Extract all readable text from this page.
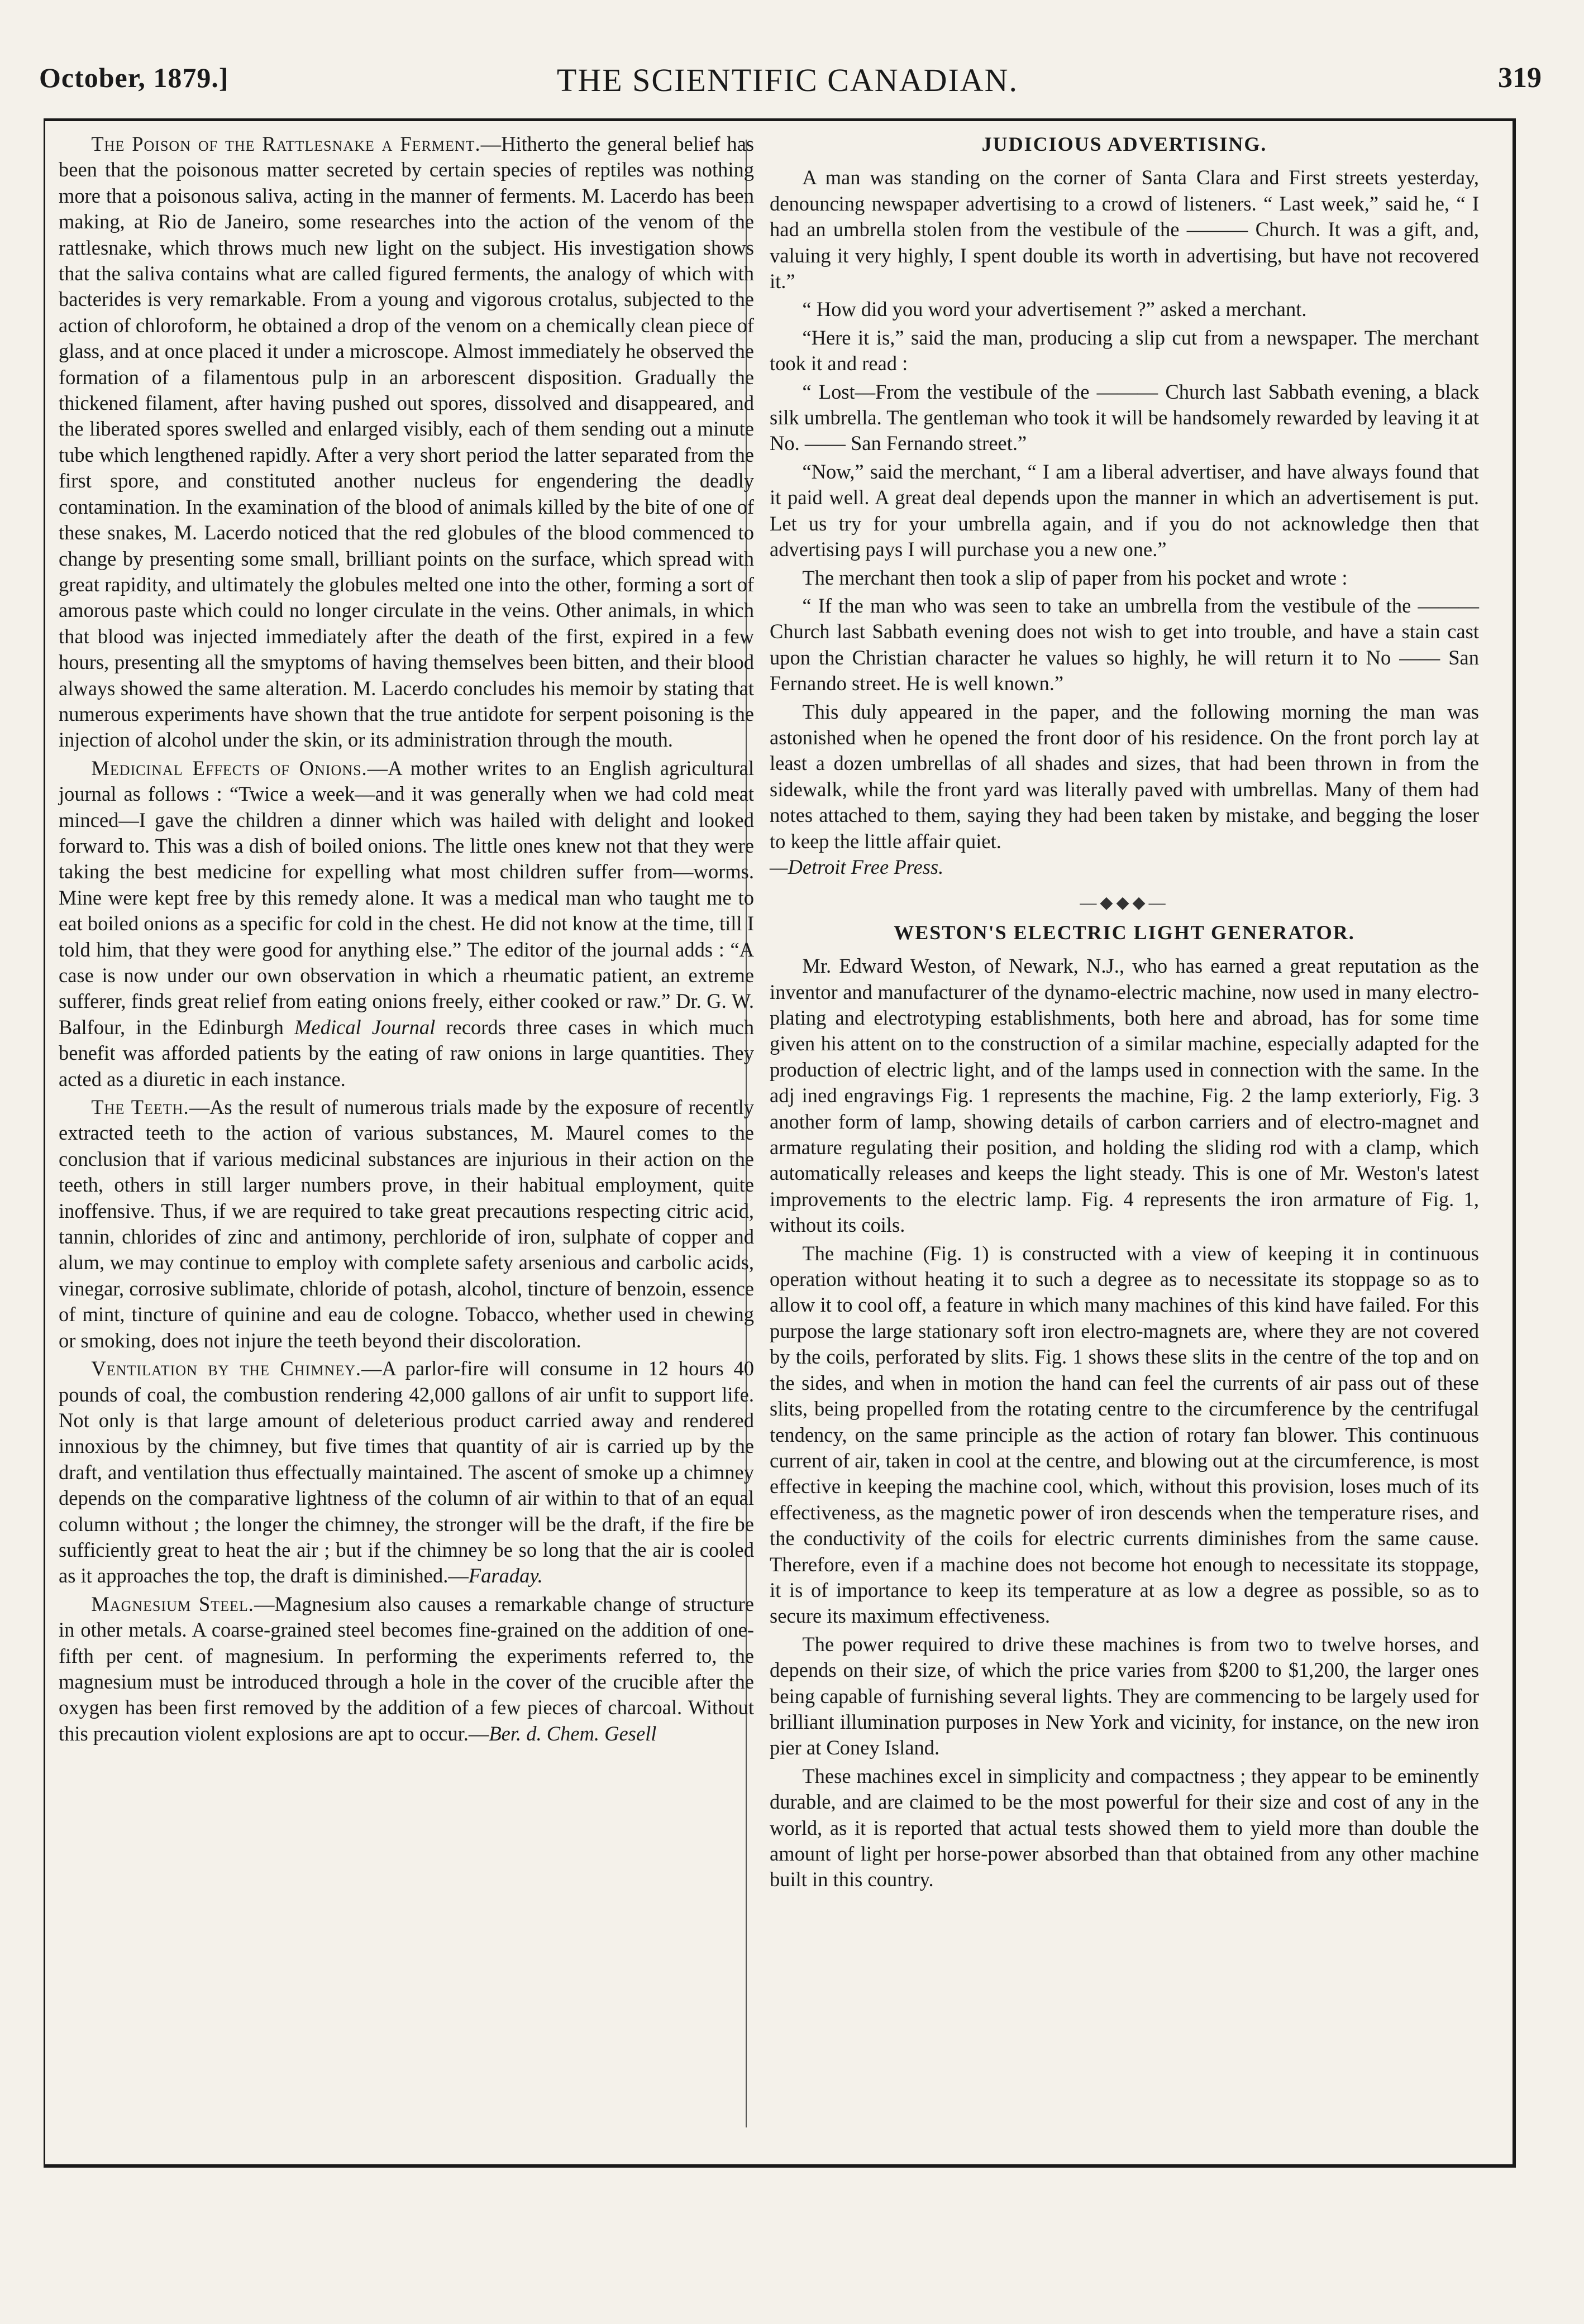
October, 1879.]	THE SCIENTIFIC CANADIAN.	319

The Poison of the Rattlesnake a Ferment.—Hitherto the general belief has been that the poisonous matter secreted by certain species of reptiles was nothing more that a poisonous saliva, acting in the manner of ferments. M. Lacerdo has been making, at Rio de Janeiro, some researches into the action of the venom of the rattlesnake, which throws much new light on the subject. His investigation shows that the saliva contains what are called figured ferments, the analogy of which with bacterides is very remarkable. From a young and vigorous crotalus, subjected to the action of chloroform, he obtained a drop of the venom on a chemically clean piece of glass, and at once placed it under a microscope. Almost immediately he observed the formation of a filamentous pulp in an arborescent disposition. Gradually the thickened filament, after having pushed out spores, dissolved and disappeared, and the liberated spores swelled and enlarged visibly, each of them sending out a minute tube which lengthened rapidly. After a very short period the latter separated from the first spore, and constituted another nucleus for engendering the deadly contamination. In the examination of the blood of animals killed by the bite of one of these snakes, M. Lacerdo noticed that the red globules of the blood commenced to change by presenting some small, brilliant points on the surface, which spread with great rapidity, and ultimately the globules melted one into the other, forming a sort of amorous paste which could no longer circulate in the veins. Other animals, in which that blood was injected immediately after the death of the first, expired in a few hours, presenting all the smyptoms of having themselves been bitten, and their blood always showed the same alteration. M. Lacerdo concludes his memoir by stating that numerous experiments have shown that the true antidote for serpent poisoning is the injection of alcohol under the skin, or its administration through the mouth.

Medicinal Effects of Onions.—A mother writes to an English agricultural journal as follows : “Twice a week—and it was generally when we had cold meat minced—I gave the children a dinner which was hailed with delight and looked forward to. This was a dish of boiled onions. The little ones knew not that they were taking the best medicine for expelling what most children suffer from—worms. Mine were kept free by this remedy alone. It was a medical man who taught me to eat boiled onions as a specific for cold in the chest. He did not know at the time, till I told him, that they were good for anything else.” The editor of the journal adds : “A case is now under our own observation in which a rheumatic patient, an extreme sufferer, finds great relief from eating onions freely, either cooked or raw.” Dr. G. W. Balfour, in the Edinburgh Medical Journal records three cases in which much benefit was afforded patients by the eating of raw onions in large quantities. They acted as a diuretic in each instance.

The Teeth.—As the result of numerous trials made by the exposure of recently extracted teeth to the action of various substances, M. Maurel comes to the conclusion that if various medicinal substances are injurious in their action on the teeth, others in still larger numbers prove, in their habitual employment, quite inoffensive. Thus, if we are required to take great precautions respecting citric acid, tannin, chlorides of zinc and antimony, perchloride of iron, sulphate of copper and alum, we may continue to employ with complete safety arsenious and carbolic acids, vinegar, corrosive sublimate, chloride of potash, alcohol, tincture of benzoin, essence of mint, tincture of quinine and eau de cologne. Tobacco, whether used in chewing or smoking, does not injure the teeth beyond their discoloration.

Ventilation by the Chimney.—A parlor-fire will consume in 12 hours 40 pounds of coal, the combustion rendering 42,000 gallons of air unfit to support life. Not only is that large amount of deleterious product carried away and rendered innoxious by the chimney, but five times that quantity of air is carried up by the draft, and ventilation thus effectually maintained. The ascent of smoke up a chimney depends on the comparative lightness of the column of air within to that of an equal column without ; the longer the chimney, the stronger will be the draft, if the fire be sufficiently great to heat the air ; but if the chimney be so long that the air is cooled as it approaches the top, the draft is diminished.—Faraday.

Magnesium Steel.—Magnesium also causes a remarkable change of structure in other metals. A coarse-grained steel becomes fine-grained on the addition of one-fifth per cent. of magnesium. In performing the experiments referred to, the magnesium must be introduced through a hole in the cover of the crucible after the oxygen has been first removed by the addition of a few pieces of charcoal. Without this precaution violent explosions are apt to occur.—Ber. d. Chem. Gesell

JUDICIOUS ADVERTISING.

A man was standing on the corner of Santa Clara and First streets yesterday, denouncing newspaper advertising to a crowd of listeners. “ Last week,” said he, “ I had an umbrella stolen from the vestibule of the ——— Church. It was a gift, and, valuing it very highly, I spent double its worth in advertising, but have not recovered it.”

“ How did you word your advertisement ?” asked a merchant.

“Here it is,” said the man, producing a slip cut from a newspaper. The merchant took it and read :

“ Lost—From the vestibule of the ——— Church last Sabbath evening, a black silk umbrella. The gentleman who took it will be handsomely rewarded by leaving it at No. —— San Fernando street.”

“Now,” said the merchant, “ I am a liberal advertiser, and have always found that it paid well. A great deal depends upon the manner in which an advertisement is put. Let us try for your umbrella again, and if you do not acknowledge then that advertising pays I will purchase you a new one.”

The merchant then took a slip of paper from his pocket and wrote :

“ If the man who was seen to take an umbrella from the vestibule of the ——— Church last Sabbath evening does not wish to get into trouble, and have a stain cast upon the Christian character he values so highly, he will return it to No —— San Fernando street. He is well known.”

This duly appeared in the paper, and the following morning the man was astonished when he opened the front door of his residence. On the front porch lay at least a dozen umbrellas of all shades and sizes, that had been thrown in from the sidewalk, while the front yard was literally paved with umbrellas. Many of them had notes attached to them, saying they had been taken by mistake, and begging the loser to keep the little affair quiet.
—Detroit Free Press.

—◆◆◆—
WESTON'S ELECTRIC LIGHT GENERATOR.

Mr. Edward Weston, of Newark, N.J., who has earned a great reputation as the inventor and manufacturer of the dynamo-electric machine, now used in many electro-plating and electrotyping establishments, both here and abroad, has for some time given his attent on to the construction of a similar machine, especially adapted for the production of electric light, and of the lamps used in connection with the same. In the adj ined engravings Fig. 1 represents the machine, Fig. 2 the lamp exteriorly, Fig. 3 another form of lamp, showing details of carbon carriers and of electro-magnet and armature regulating their position, and holding the sliding rod with a clamp, which automatically releases and keeps the light steady. This is one of Mr. Weston's latest improvements to the electric lamp. Fig. 4 represents the iron armature of Fig. 1, without its coils.

The machine (Fig. 1) is constructed with a view of keeping it in continuous operation without heating it to such a degree as to necessitate its stoppage so as to allow it to cool off, a feature in which many machines of this kind have failed. For this purpose the large stationary soft iron electro-magnets are, where they are not covered by the coils, perforated by slits. Fig. 1 shows these slits in the centre of the top and on the sides, and when in motion the hand can feel the currents of air pass out of these slits, being propelled from the rotating centre to the circumference by the centrifugal tendency, on the same principle as the action of rotary fan blower. This continuous current of air, taken in cool at the centre, and blowing out at the circumference, is most effective in keeping the machine cool, which, without this provision, loses much of its effectiveness, as the magnetic power of iron descends when the temperature rises, and the conductivity of the coils for electric currents diminishes from the same cause. Therefore, even if a machine does not become hot enough to necessitate its stoppage, it is of importance to keep its temperature at as low a degree as possible, so as to secure its maximum effectiveness.

The power required to drive these machines is from two to twelve horses, and depends on their size, of which the price varies from $200 to $1,200, the larger ones being capable of furnishing several lights. They are commencing to be largely used for brilliant illumination purposes in New York and vicinity, for instance, on the new iron pier at Coney Island.

These machines excel in simplicity and compactness ; they appear to be eminently durable, and are claimed to be the most powerful for their size and cost of any in the world, as it is reported that actual tests showed them to yield more than double the amount of light per horse-power absorbed than that obtained from any other machine built in this country.
